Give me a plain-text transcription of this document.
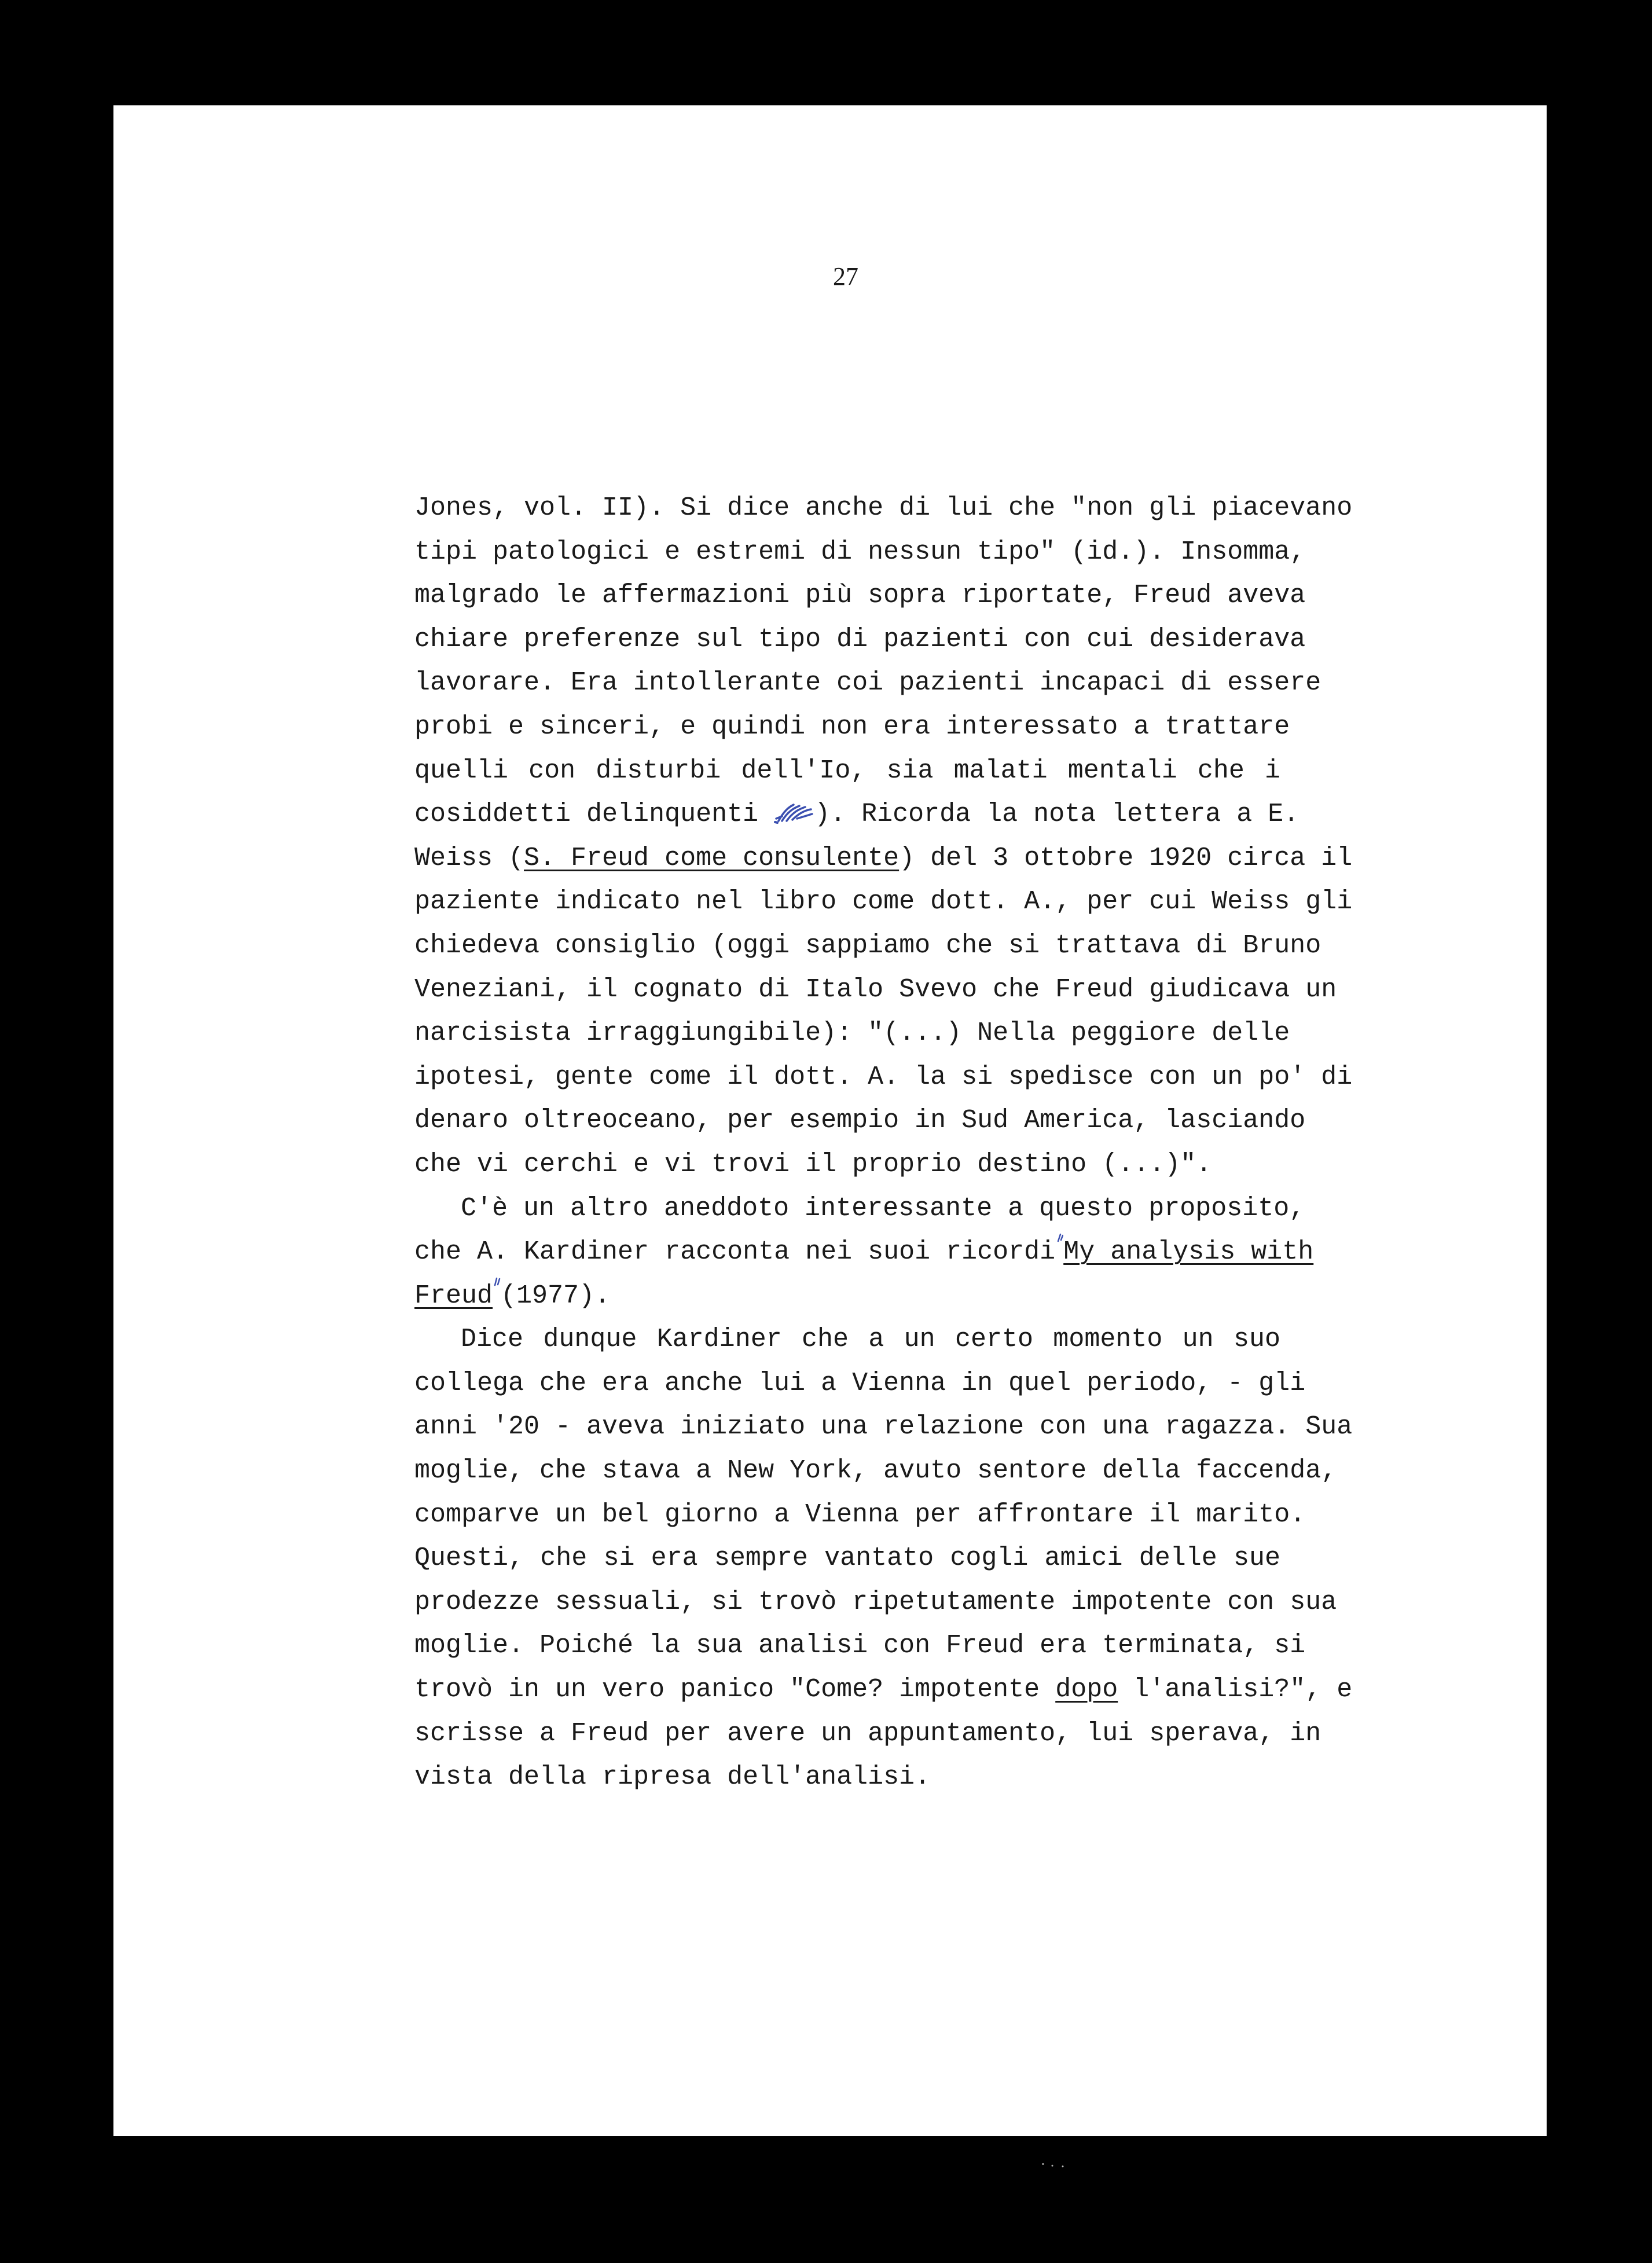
27
Jones, vol. II). Si dice anche di lui che "non gli piacevano
tipi patologici e estremi di nessun tipo" (id.). Insomma,
malgrado le affermazioni più sopra riportate, Freud aveva
chiare preferenze sul tipo di pazienti con cui desiderava
lavorare. Era intollerante coi pazienti incapaci di essere
probi e sinceri, e quindi non era interessato a trattare
quelli con disturbi dell'Io, sia malati mentali che i
cosiddetti delinquenti ). Ricorda la nota lettera a E.
Weiss (S. Freud come consulente) del 3 ottobre 1920 circa il
paziente indicato nel libro come dott. A., per cui Weiss gli
chiedeva consiglio (oggi sappiamo che si trattava di Bruno
Veneziani, il cognato di Italo Svevo che Freud giudicava un
narcisista irraggiungibile): "(...) Nella peggiore delle
ipotesi, gente come il dott. A. la si spedisce con un po' di
denaro oltreoceano, per esempio in Sud America, lasciando
che vi cerchi e vi trovi il proprio destino (...)".
C'è un altro aneddoto interessante a questo proposito,
che A. Kardiner racconta nei suoi ricordi My analysis with
Freud (1977).
Dice dunque Kardiner che a un certo momento un suo
collega che era anche lui a Vienna in quel periodo, - gli
anni '20 - aveva iniziato una relazione con una ragazza. Sua
moglie, che stava a New York, avuto sentore della faccenda,
comparve un bel giorno a Vienna per affrontare il marito.
Questi, che si era sempre vantato cogli amici delle sue
prodezze sessuali, si trovò ripetutamente impotente con sua
moglie. Poiché la sua analisi con Freud era terminata, si
trovò in un vero panico "Come? impotente dopo l'analisi?", e
scrisse a Freud per avere un appuntamento, lui sperava, in
vista della ripresa dell'analisi.
